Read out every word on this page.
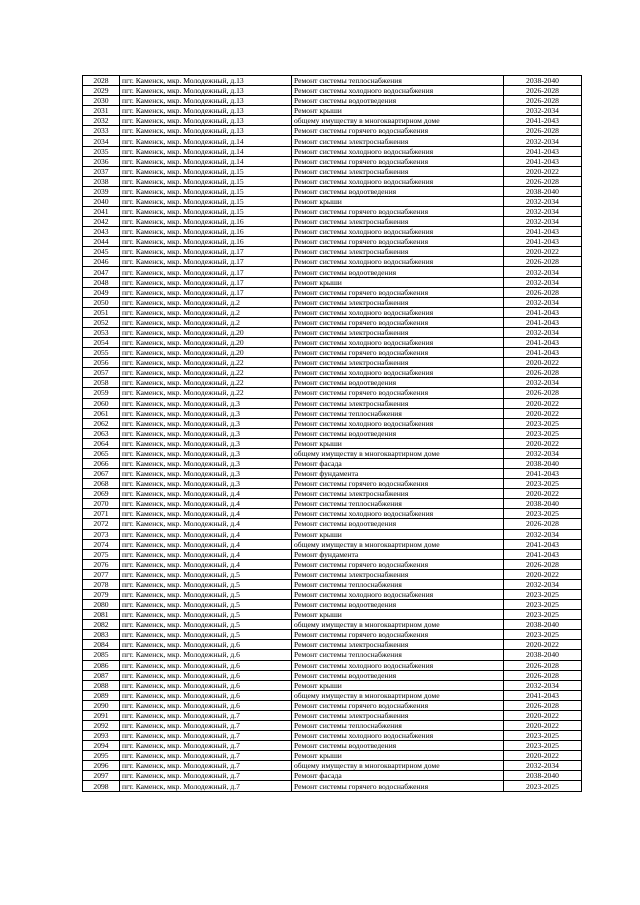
2028	пгт. Каменск, мкр. Молодежный, д.13	Ремонт системы теплоснабжения	2038-2040
2029	пгт. Каменск, мкр. Молодежный, д.13	Ремонт системы холодного водоснабжения	2026-2028
2030	пгт. Каменск, мкр. Молодежный, д.13	Ремонт системы водоотведения	2026-2028
2031	пгт. Каменск, мкр. Молодежный, д.13	Ремонт крыши	2032-2034
2032	пгт. Каменск, мкр. Молодежный, д.13	общему имуществу в многоквартирном доме	2041-2043
2033	пгт. Каменск, мкр. Молодежный, д.13	Ремонт системы горячего водоснабжения	2026-2028
2034	пгт. Каменск, мкр. Молодежный, д.14	Ремонт системы электроснабжения	2032-2034
2035	пгт. Каменск, мкр. Молодежный, д.14	Ремонт системы холодного водоснабжения	2041-2043
2036	пгт. Каменск, мкр. Молодежный, д.14	Ремонт системы горячего водоснабжения	2041-2043
2037	пгт. Каменск, мкр. Молодежный, д.15	Ремонт системы электроснабжения	2020-2022
2038	пгт. Каменск, мкр. Молодежный, д.15	Ремонт системы холодного водоснабжения	2026-2028
2039	пгт. Каменск, мкр. Молодежный, д.15	Ремонт системы водоотведения	2038-2040
2040	пгт. Каменск, мкр. Молодежный, д.15	Ремонт крыши	2032-2034
2041	пгт. Каменск, мкр. Молодежный, д.15	Ремонт системы горячего водоснабжения	2032-2034
2042	пгт. Каменск, мкр. Молодежный, д.16	Ремонт системы электроснабжения	2032-2034
2043	пгт. Каменск, мкр. Молодежный, д.16	Ремонт системы холодного водоснабжения	2041-2043
2044	пгт. Каменск, мкр. Молодежный, д.16	Ремонт системы горячего водоснабжения	2041-2043
2045	пгт. Каменск, мкр. Молодежный, д.17	Ремонт системы электроснабжения	2020-2022
2046	пгт. Каменск, мкр. Молодежный, д.17	Ремонт системы холодного водоснабжения	2026-2028
2047	пгт. Каменск, мкр. Молодежный, д.17	Ремонт системы водоотведения	2032-2034
2048	пгт. Каменск, мкр. Молодежный, д.17	Ремонт крыши	2032-2034
2049	пгт. Каменск, мкр. Молодежный, д.17	Ремонт системы горячего водоснабжения	2026-2028
2050	пгт. Каменск, мкр. Молодежный, д.2	Ремонт системы электроснабжения	2032-2034
2051	пгт. Каменск, мкр. Молодежный, д.2	Ремонт системы холодного водоснабжения	2041-2043
2052	пгт. Каменск, мкр. Молодежный, д.2	Ремонт системы горячего водоснабжения	2041-2043
2053	пгт. Каменск, мкр. Молодежный, д.20	Ремонт системы электроснабжения	2032-2034
2054	пгт. Каменск, мкр. Молодежный, д.20	Ремонт системы холодного водоснабжения	2041-2043
2055	пгт. Каменск, мкр. Молодежный, д.20	Ремонт системы горячего водоснабжения	2041-2043
2056	пгт. Каменск, мкр. Молодежный, д.22	Ремонт системы электроснабжения	2020-2022
2057	пгт. Каменск, мкр. Молодежный, д.22	Ремонт системы холодного водоснабжения	2026-2028
2058	пгт. Каменск, мкр. Молодежный, д.22	Ремонт системы водоотведения	2032-2034
2059	пгт. Каменск, мкр. Молодежный, д.22	Ремонт системы горячего водоснабжения	2026-2028
2060	пгт. Каменск, мкр. Молодежный, д.3	Ремонт системы электроснабжения	2020-2022
2061	пгт. Каменск, мкр. Молодежный, д.3	Ремонт системы теплоснабжения	2020-2022
2062	пгт. Каменск, мкр. Молодежный, д.3	Ремонт системы холодного водоснабжения	2023-2025
2063	пгт. Каменск, мкр. Молодежный, д.3	Ремонт системы водоотведения	2023-2025
2064	пгт. Каменск, мкр. Молодежный, д.3	Ремонт крыши	2020-2022
2065	пгт. Каменск, мкр. Молодежный, д.3	общему имуществу в многоквартирном доме	2032-2034
2066	пгт. Каменск, мкр. Молодежный, д.3	Ремонт фасада	2038-2040
2067	пгт. Каменск, мкр. Молодежный, д.3	Ремонт фундамента	2041-2043
2068	пгт. Каменск, мкр. Молодежный, д.3	Ремонт системы горячего водоснабжения	2023-2025
2069	пгт. Каменск, мкр. Молодежный, д.4	Ремонт системы электроснабжения	2020-2022
2070	пгт. Каменск, мкр. Молодежный, д.4	Ремонт системы теплоснабжения	2038-2040
2071	пгт. Каменск, мкр. Молодежный, д.4	Ремонт системы холодного водоснабжения	2023-2025
2072	пгт. Каменск, мкр. Молодежный, д.4	Ремонт системы водоотведения	2026-2028
2073	пгт. Каменск, мкр. Молодежный, д.4	Ремонт крыши	2032-2034
2074	пгт. Каменск, мкр. Молодежный, д.4	общему имуществу в многоквартирном доме	2041-2043
2075	пгт. Каменск, мкр. Молодежный, д.4	Ремонт фундамента	2041-2043
2076	пгт. Каменск, мкр. Молодежный, д.4	Ремонт системы горячего водоснабжения	2026-2028
2077	пгт. Каменск, мкр. Молодежный, д.5	Ремонт системы электроснабжения	2020-2022
2078	пгт. Каменск, мкр. Молодежный, д.5	Ремонт системы теплоснабжения	2032-2034
2079	пгт. Каменск, мкр. Молодежный, д.5	Ремонт системы холодного водоснабжения	2023-2025
2080	пгт. Каменск, мкр. Молодежный, д.5	Ремонт системы водоотведения	2023-2025
2081	пгт. Каменск, мкр. Молодежный, д.5	Ремонт крыши	2023-2025
2082	пгт. Каменск, мкр. Молодежный, д.5	общему имуществу в многоквартирном доме	2038-2040
2083	пгт. Каменск, мкр. Молодежный, д.5	Ремонт системы горячего водоснабжения	2023-2025
2084	пгт. Каменск, мкр. Молодежный, д.6	Ремонт системы электроснабжения	2020-2022
2085	пгт. Каменск, мкр. Молодежный, д.6	Ремонт системы теплоснабжения	2038-2040
2086	пгт. Каменск, мкр. Молодежный, д.6	Ремонт системы холодного водоснабжения	2026-2028
2087	пгт. Каменск, мкр. Молодежный, д.6	Ремонт системы водоотведения	2026-2028
2088	пгт. Каменск, мкр. Молодежный, д.6	Ремонт крыши	2032-2034
2089	пгт. Каменск, мкр. Молодежный, д.6	общему имуществу в многоквартирном доме	2041-2043
2090	пгт. Каменск, мкр. Молодежный, д.6	Ремонт системы горячего водоснабжения	2026-2028
2091	пгт. Каменск, мкр. Молодежный, д.7	Ремонт системы электроснабжения	2020-2022
2092	пгт. Каменск, мкр. Молодежный, д.7	Ремонт системы теплоснабжения	2020-2022
2093	пгт. Каменск, мкр. Молодежный, д.7	Ремонт системы холодного водоснабжения	2023-2025
2094	пгт. Каменск, мкр. Молодежный, д.7	Ремонт системы водоотведения	2023-2025
2095	пгт. Каменск, мкр. Молодежный, д.7	Ремонт крыши	2020-2022
2096	пгт. Каменск, мкр. Молодежный, д.7	общему имуществу в многоквартирном доме	2032-2034
2097	пгт. Каменск, мкр. Молодежный, д.7	Ремонт фасада	2038-2040
2098	пгт. Каменск, мкр. Молодежный, д.7	Ремонт системы горячего водоснабжения	2023-2025
